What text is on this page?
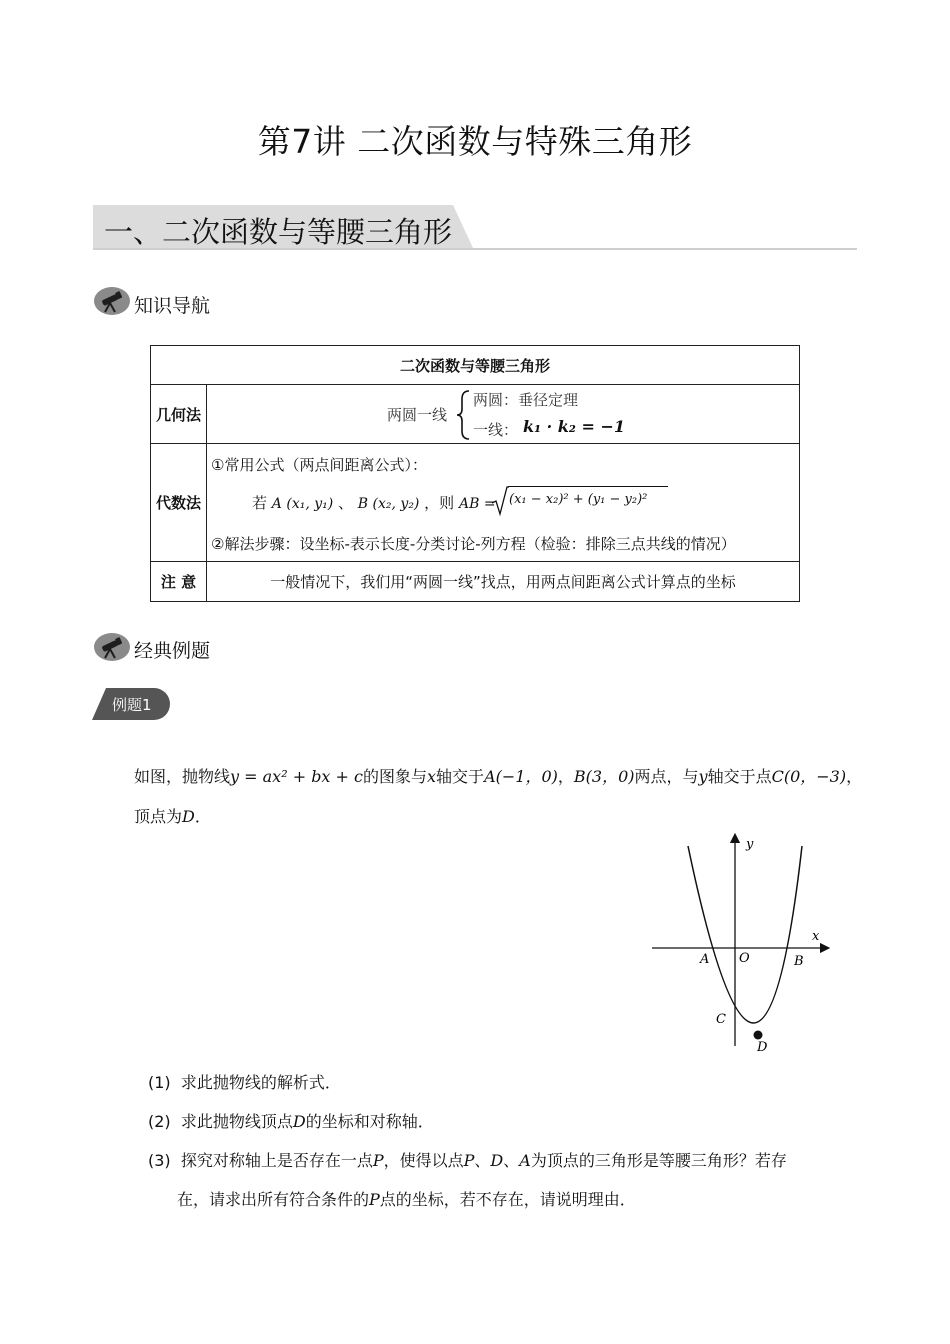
第7讲 二次函数与特殊三角形
一、二次函数与等腰三角形
知识导航
二次函数与等腰三角形	
几何法	两圆一线
两圆：垂径定理
一线： k₁ · k₂ = −1

代数法	①常用公式（两点间距离公式）：
若 A (x₁, y₁) 、 B (x₂, y₂) ，则 AB = (x₁ − x₂)² + (y₁ − y₂)²
②解法步骤：设坐标-表示长度-分类讨论-列方程（检验：排除三点共线的情况）

注 意	一般情况下，我们用“两圆一线”找点，用两点间距离公式计算点的坐标
经典例题
例题1
如图，抛物线y = ax² + bx + c的图象与x轴交于A(−1，0)，B(3，0)两点，与y轴交于点C(0，−3)，
顶点为D．
y
x
O
A	B
C
D
(1) 求此抛物线的解析式．
(2) 求此抛物线顶点D的坐标和对称轴．
(3) 探究对称轴上是否存在一点P，使得以点P、D、A为顶点的三角形是等腰三角形？若存
在，请求出所有符合条件的P点的坐标，若不存在，请说明理由．
